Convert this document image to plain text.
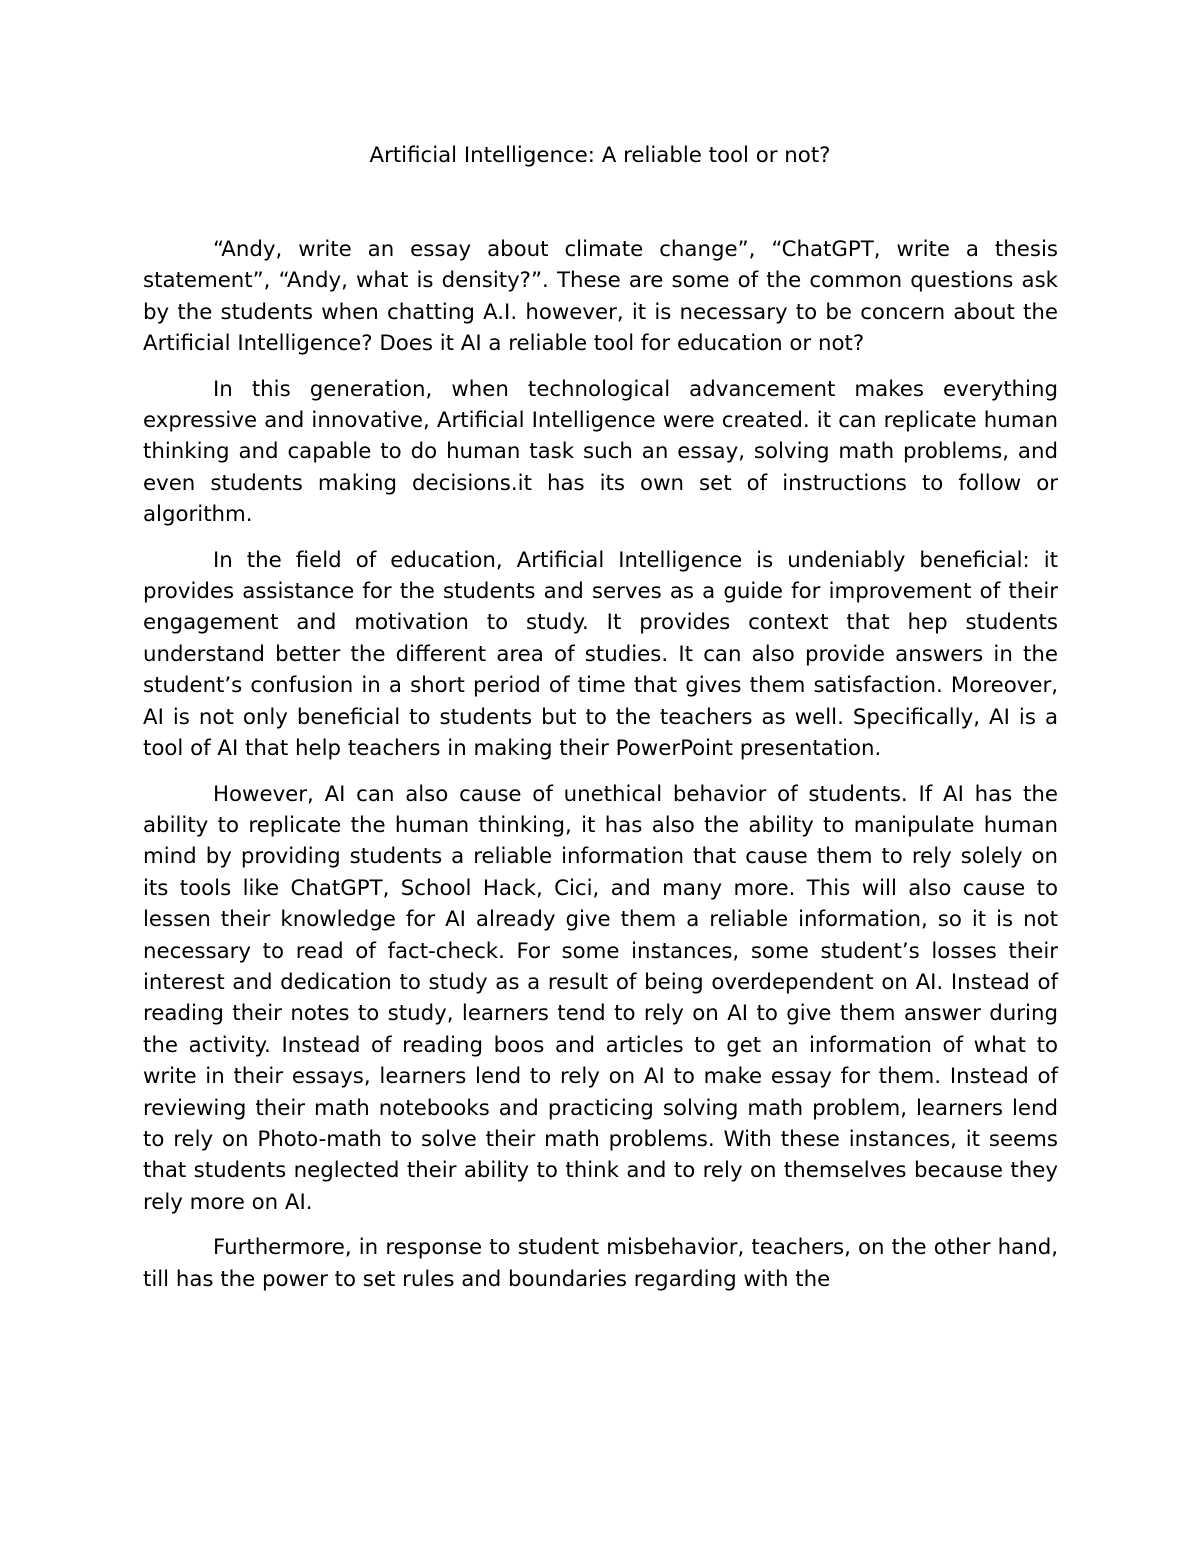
Artificial Intelligence: A reliable tool or not?

“Andy, write an essay about climate change”, “ChatGPT, write a thesis statement”, “Andy, what is density?”. These are some of the common questions ask by the students when chatting A.I. however, it is necessary to be concern about the Artificial Intelligence? Does it AI a reliable tool for education or not?

In this generation, when technological advancement makes everything expressive and innovative, Artificial Intelligence were created. it can replicate human thinking and capable to do human task such an essay, solving math problems, and even students making decisions.it has its own set of instructions to follow or algorithm.

In the field of education, Artificial Intelligence is undeniably beneficial: it provides assistance for the students and serves as a guide for improvement of their engagement and motivation to study. It provides context that hep students understand better the different area of studies. It can also provide answers in the student’s confusion in a short period of time that gives them satisfaction. Moreover, AI is not only beneficial to students but to the teachers as well. Specifically, AI is a tool of AI that help teachers in making their PowerPoint presentation.

However, AI can also cause of unethical behavior of students. If AI has the ability to replicate the human thinking, it has also the ability to manipulate human mind by providing students a reliable information that cause them to rely solely on its tools like ChatGPT, School Hack, Cici, and many more. This will also cause to lessen their knowledge for AI already give them a reliable information, so it is not necessary to read of fact-check. For some instances, some student’s losses their interest and dedication to study as a result of being overdependent on AI. Instead of reading their notes to study, learners tend to rely on AI to give them answer during the activity. Instead of reading boos and articles to get an information of what to write in their essays, learners lend to rely on AI to make essay for them. Instead of reviewing their math notebooks and practicing solving math problem, learners lend to rely on Photo-math to solve their math problems. With these instances, it seems that students neglected their ability to think and to rely on themselves because they rely more on AI.

Furthermore, in response to student misbehavior, teachers, on the other hand, till has the power to set rules and boundaries regarding with the
